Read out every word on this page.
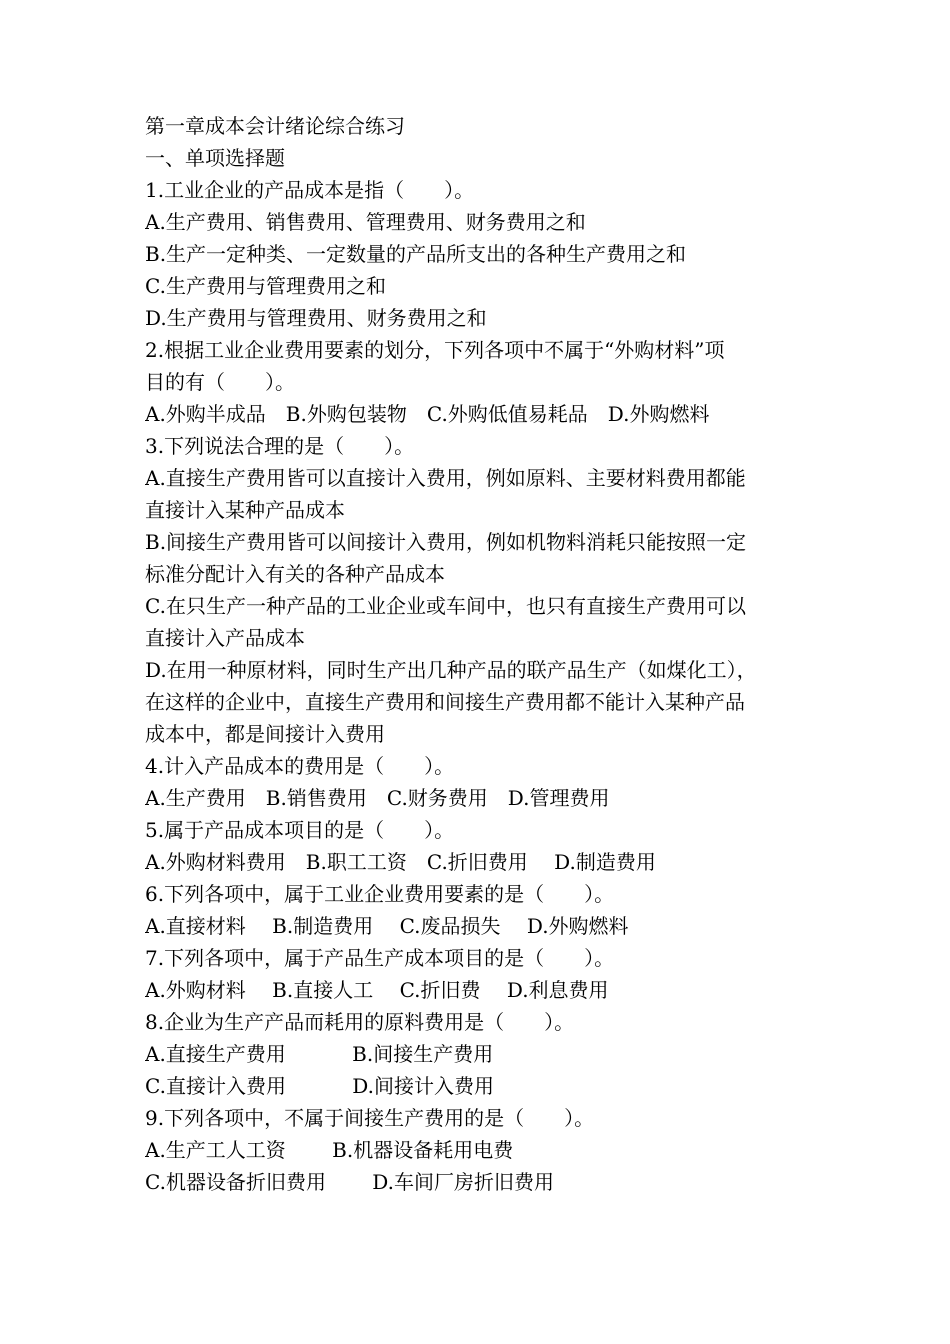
第一章成本会计绪论综合练习
一、单项选择题
1.工业企业的产品成本是指（　　）。
A.生产费用、销售费用、管理费用、财务费用之和
B.生产一定种类、一定数量的产品所支出的各种生产费用之和
C.生产费用与管理费用之和
D.生产费用与管理费用、财务费用之和
2.根据工业企业费用要素的划分，下列各项中不属于“外购材料”项
目的有（　　）。
A.外购半成品　B.外购包装物　C.外购低值易耗品　D.外购燃料
3.下列说法合理的是（　　）。
A.直接生产费用皆可以直接计入费用，例如原料、主要材料费用都能
直接计入某种产品成本
B.间接生产费用皆可以间接计入费用，例如机物料消耗只能按照一定
标准分配计入有关的各种产品成本
C.在只生产一种产品的工业企业或车间中，也只有直接生产费用可以
直接计入产品成本
D.在用一种原材料，同时生产出几种产品的联产品生产（如煤化工），
在这样的企业中，直接生产费用和间接生产费用都不能计入某种产品
成本中，都是间接计入费用
4.计入产品成本的费用是（　　）。
A.生产费用　B.销售费用　C.财务费用　D.管理费用
5.属于产品成本项目的是（　　）。
A.外购材料费用　B.职工工资　C.折旧费用　 D.制造费用
6.下列各项中，属于工业企业费用要素的是（　　）。
A.直接材料　 B.制造费用　 C.废品损失　 D.外购燃料
7.下列各项中，属于产品生产成本项目的是（　　）。
A.外购材料　 B.直接人工　 C.折旧费　 D.利息费用
8.企业为生产产品而耗用的原料费用是（　　）。
A.直接生产费用　　　 B.间接生产费用
C.直接计入费用　　　 D.间接计入费用
9.下列各项中，不属于间接生产费用的是（　　）。
A.生产工人工资　　 B.机器设备耗用电费
C.机器设备折旧费用　　 D.车间厂房折旧费用
